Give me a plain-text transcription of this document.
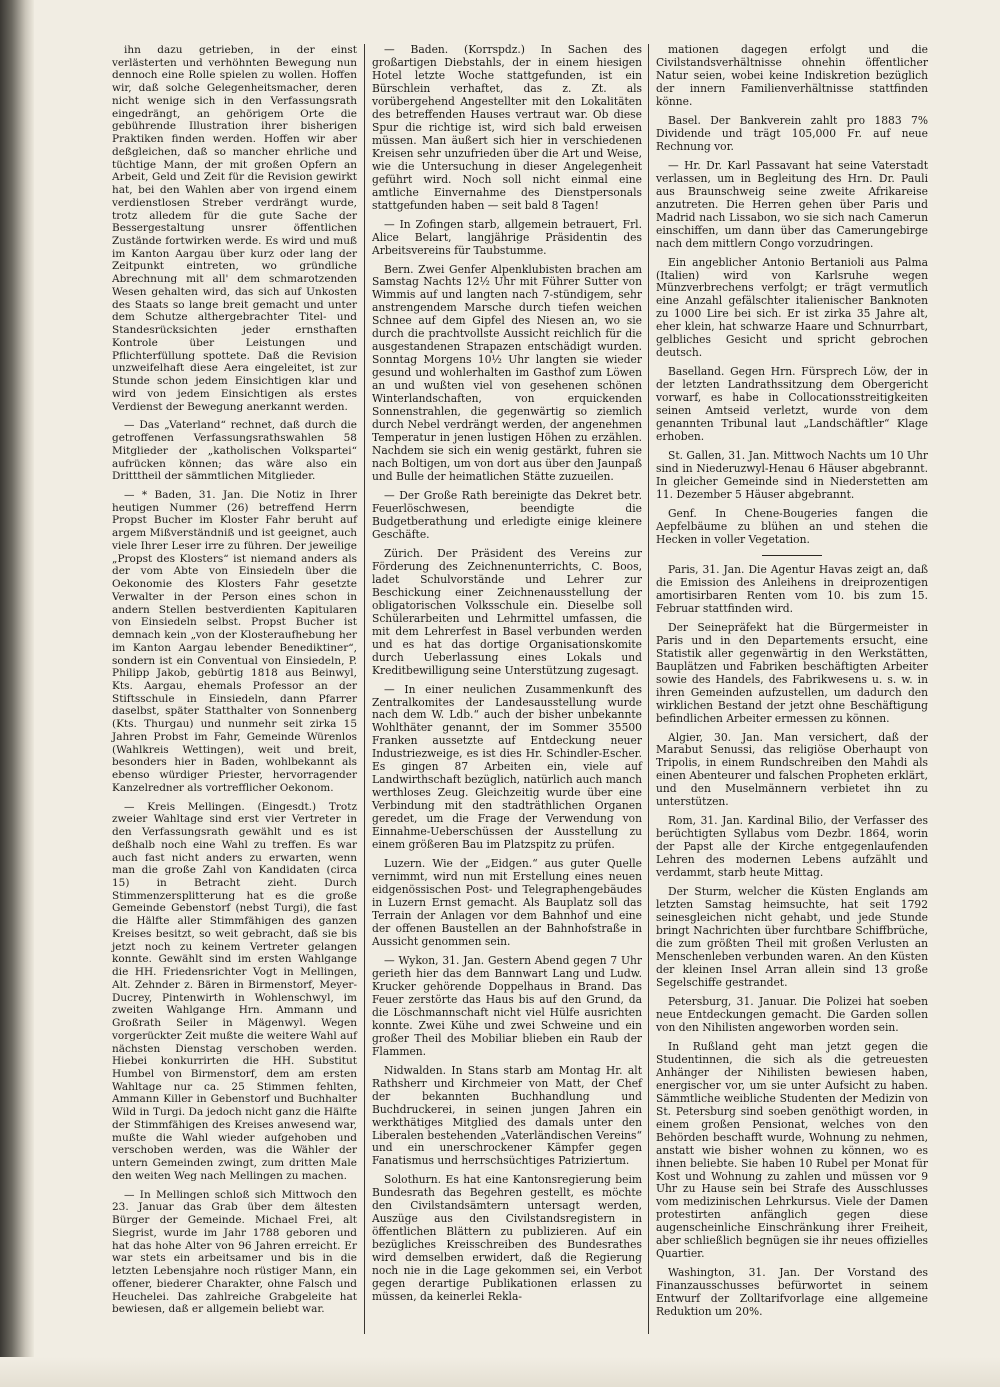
ihn dazu getrieben, in der einst verlästerten und verhöhnten Bewegung nun dennoch eine Rolle spielen zu wollen. Hoffen wir, daß solche Gelegenheitsmacher, deren nicht wenige sich in den Verfassungsrath eingedrängt, an gehörigem Orte die gebührende Illustration ihrer bisherigen Praktiken finden werden. Hoffen wir aber deßgleichen, daß so mancher ehrliche und tüchtige Mann, der mit großen Opfern an Arbeit, Geld und Zeit für die Revision gewirkt hat, bei den Wahlen aber von irgend einem verdienstlosen Streber verdrängt wurde, trotz alledem für die gute Sache der Bessergestaltung unsrer öffentlichen Zustände fortwirken werde. Es wird und muß im Kanton Aargau über kurz oder lang der Zeitpunkt eintreten, wo gründliche Abrechnung mit all' dem schmarotzenden Wesen gehalten wird, das sich auf Unkosten des Staats so lange breit gemacht und unter dem Schutze althergebrachter Titel- und Standesrücksichten jeder ernsthaften Kontrole über Leistungen und Pflichterfüllung spottete. Daß die Revision unzweifelhaft diese Aera eingeleitet, ist zur Stunde schon jedem Einsichtigen klar und wird von jedem Einsichtigen als erstes Verdienst der Bewegung anerkannt werden.

— Das „Vaterland“ rechnet, daß durch die getroffenen Verfassungsrathswahlen 58 Mitglieder der „katholischen Volkspartei“ aufrücken können; das wäre also ein Dritttheil der sämmtlichen Mitglieder.

— * Baden, 31. Jan. Die Notiz in Ihrer heutigen Nummer (26) betreffend Herrn Propst Bucher im Kloster Fahr beruht auf argem Mißverständniß und ist geeignet, auch viele Ihrer Leser irre zu führen. Der jeweilige „Propst des Klosters“ ist niemand anders als der vom Abte von Einsiedeln über die Oekonomie des Klosters Fahr gesetzte Verwalter in der Person eines schon in andern Stellen bestverdienten Kapitularen von Einsiedeln selbst. Propst Bucher ist demnach kein „von der Klosteraufhebung her im Kanton Aargau lebender Benediktiner“, sondern ist ein Conventual von Einsiedeln, P. Philipp Jakob, gebürtig 1818 aus Beinwyl, Kts. Aargau, ehemals Professor an der Stiftsschule in Einsiedeln, dann Pfarrer daselbst, später Statthalter von Sonnenberg (Kts. Thurgau) und nunmehr seit zirka 15 Jahren Probst im Fahr, Gemeinde Würenlos (Wahlkreis Wettingen), weit und breit, besonders hier in Baden, wohlbekannt als ebenso würdiger Priester, hervorragender Kanzelredner als vortrefflicher Oekonom.

— Kreis Mellingen. (Eingesdt.) Trotz zweier Wahltage sind erst vier Vertreter in den Verfassungsrath gewählt und es ist deßhalb noch eine Wahl zu treffen. Es war auch fast nicht anders zu erwarten, wenn man die große Zahl von Kandidaten (circa 15) in Betracht zieht. Durch Stimmenzersplitterung hat es die große Gemeinde Gebenstorf (nebst Turgi), die fast die Hälfte aller Stimmfähigen des ganzen Kreises besitzt, so weit gebracht, daß sie bis jetzt noch zu keinem Vertreter gelangen konnte. Gewählt sind im ersten Wahlgange die HH. Friedensrichter Vogt in Mellingen, Alt. Zehnder z. Bären in Birmenstorf, Meyer-Ducrey, Pintenwirth in Wohlenschwyl, im zweiten Wahlgange Hrn. Ammann und Großrath Seiler in Mägenwyl. Wegen vorgerückter Zeit mußte die weitere Wahl auf nächsten Dienstag verschoben werden. Hiebei konkurrirten die HH. Substitut Humbel von Birmenstorf, dem am ersten Wahltage nur ca. 25 Stimmen fehlten, Ammann Killer in Gebenstorf und Buchhalter Wild in Turgi. Da jedoch nicht ganz die Hälfte der Stimmfähigen des Kreises anwesend war, mußte die Wahl wieder aufgehoben und verschoben werden, was die Wähler der untern Gemeinden zwingt, zum dritten Male den weiten Weg nach Mellingen zu machen.

— In Mellingen schloß sich Mittwoch den 23. Januar das Grab über dem ältesten Bürger der Gemeinde. Michael Frei, alt Siegrist, wurde im Jahr 1788 geboren und hat das hohe Alter von 96 Jahren erreicht. Er war stets ein arbeitsamer und bis in die letzten Lebensjahre noch rüstiger Mann, ein offener, biederer Charakter, ohne Falsch und Heuchelei. Das zahlreiche Grabgeleite hat bewiesen, daß er allgemein beliebt war.

— Baden. (Korrspdz.) In Sachen des großartigen Diebstahls, der in einem hiesigen Hotel letzte Woche stattgefunden, ist ein Bürschlein verhaftet, das z. Zt. als vorübergehend Angestellter mit den Lokalitäten des betreffenden Hauses vertraut war. Ob diese Spur die richtige ist, wird sich bald erweisen müssen. Man äußert sich hier in verschiedenen Kreisen sehr unzufrieden über die Art und Weise, wie die Untersuchung in dieser Angelegenheit geführt wird. Noch soll nicht einmal eine amtliche Einvernahme des Dienstpersonals stattgefunden haben — seit bald 8 Tagen!

— In Zofingen starb, allgemein betrauert, Frl. Alice Belart, langjährige Präsidentin des Arbeitsvereins für Taubstumme.

Bern. Zwei Genfer Alpenklubisten brachen am Samstag Nachts 12½ Uhr mit Führer Sutter von Wimmis auf und langten nach 7-stündigem, sehr anstrengendem Marsche durch tiefen weichen Schnee auf dem Gipfel des Niesen an, wo sie durch die prachtvollste Aussicht reichlich für die ausgestandenen Strapazen entschädigt wurden. Sonntag Morgens 10½ Uhr langten sie wieder gesund und wohlerhalten im Gasthof zum Löwen an und wußten viel von gesehenen schönen Winterlandschaften, von erquickenden Sonnenstrahlen, die gegenwärtig so ziemlich durch Nebel verdrängt werden, der angenehmen Temperatur in jenen lustigen Höhen zu erzählen. Nachdem sie sich ein wenig gestärkt, fuhren sie nach Boltigen, um von dort aus über den Jaunpaß und Bulle der heimatlichen Stätte zuzueilen.

— Der Große Rath bereinigte das Dekret betr. Feuerlöschwesen, beendigte die Budgetberathung und erledigte einige kleinere Geschäfte.

Zürich. Der Präsident des Vereins zur Förderung des Zeichnenunterrichts, C. Boos, ladet Schulvorstände und Lehrer zur Beschickung einer Zeichnenausstellung der obligatorischen Volksschule ein. Dieselbe soll Schülerarbeiten und Lehrmittel umfassen, die mit dem Lehrerfest in Basel verbunden werden und es hat das dortige Organisationskomite durch Ueberlassung eines Lokals und Kreditbewilligung seine Unterstützung zugesagt.

— In einer neulichen Zusammenkunft des Zentralkomites der Landesausstellung wurde nach dem W. Ldb.“ auch der bisher unbekannte Wohlthäter genannt, der im Sommer 35500 Franken aussetzte auf Entdeckung neuer Industriezweige, es ist dies Hr. Schindler-Escher. Es gingen 87 Arbeiten ein, viele auf Landwirthschaft bezüglich, natürlich auch manch werthloses Zeug. Gleichzeitig wurde über eine Verbindung mit den stadträthlichen Organen geredet, um die Frage der Verwendung von Einnahme-Ueberschüssen der Ausstellung zu einem größeren Bau im Platzspitz zu prüfen.

Luzern. Wie der „Eidgen.“ aus guter Quelle vernimmt, wird nun mit Erstellung eines neuen eidgenössischen Post- und Telegraphengebäudes in Luzern Ernst gemacht. Als Bauplatz soll das Terrain der Anlagen vor dem Bahnhof und eine der offenen Baustellen an der Bahnhofstraße in Aussicht genommen sein.

— Wykon, 31. Jan. Gestern Abend gegen 7 Uhr gerieth hier das dem Bannwart Lang und Ludw. Krucker gehörende Doppelhaus in Brand. Das Feuer zerstörte das Haus bis auf den Grund, da die Löschmannschaft nicht viel Hülfe ausrichten konnte. Zwei Kühe und zwei Schweine und ein großer Theil des Mobiliar blieben ein Raub der Flammen.

Nidwalden. In Stans starb am Montag Hr. alt Rathsherr und Kirchmeier von Matt, der Chef der bekannten Buchhandlung und Buchdruckerei, in seinen jungen Jahren ein werkthätiges Mitglied des damals unter den Liberalen bestehenden „Vaterländischen Vereins“ und ein unerschrockener Kämpfer gegen Fanatismus und herrschsüchtiges Patriziertum.

Solothurn. Es hat eine Kantonsregierung beim Bundesrath das Begehren gestellt, es möchte den Civilstandsämtern untersagt werden, Auszüge aus den Civilstandsregistern in öffentlichen Blättern zu publizieren. Auf ein bezügliches Kreisschreiben des Bundesrathes wird demselben erwidert, daß die Regierung noch nie in die Lage gekommen sei, ein Verbot gegen derartige Publikationen erlassen zu müssen, da keinerlei Rekla-

mationen dagegen erfolgt und die Civilstandsverhältnisse ohnehin öffentlicher Natur seien, wobei keine Indiskretion bezüglich der innern Familienverhältnisse stattfinden könne.

Basel. Der Bankverein zahlt pro 1883 7% Dividende und trägt 105,000 Fr. auf neue Rechnung vor.

— Hr. Dr. Karl Passavant hat seine Vaterstadt verlassen, um in Begleitung des Hrn. Dr. Pauli aus Braunschweig seine zweite Afrikareise anzutreten. Die Herren gehen über Paris und Madrid nach Lissabon, wo sie sich nach Camerun einschiffen, um dann über das Camerungebirge nach dem mittlern Congo vorzudringen.

Ein angeblicher Antonio Bertanioli aus Palma (Italien) wird von Karlsruhe wegen Münzverbrechens verfolgt; er trägt vermutlich eine Anzahl gefälschter italienischer Banknoten zu 1000 Lire bei sich. Er ist zirka 35 Jahre alt, eher klein, hat schwarze Haare und Schnurrbart, gelbliches Gesicht und spricht gebrochen deutsch.

Baselland. Gegen Hrn. Fürsprech Löw, der in der letzten Landrathssitzung dem Obergericht vorwarf, es habe in Collocationsstreitigkeiten seinen Amtseid verletzt, wurde von dem genannten Tribunal laut „Landschäftler“ Klage erhoben.

St. Gallen, 31. Jan. Mittwoch Nachts um 10 Uhr sind in Niederuzwyl-Henau 6 Häuser abgebrannt. In gleicher Gemeinde sind in Niederstetten am 11. Dezember 5 Häuser abgebrannt.

Genf. In Chene-Bougeries fangen die Aepfelbäume zu blühen an und stehen die Hecken in voller Vegetation.

Paris, 31. Jan. Die Agentur Havas zeigt an, daß die Emission des Anleihens in dreiprozentigen amortisirbaren Renten vom 10. bis zum 15. Februar stattfinden wird.

Der Seinepräfekt hat die Bürgermeister in Paris und in den Departements ersucht, eine Statistik aller gegenwärtig in den Werkstätten, Bauplätzen und Fabriken beschäftigten Arbeiter sowie des Handels, des Fabrikwesens u. s. w. in ihren Gemeinden aufzustellen, um dadurch den wirklichen Bestand der jetzt ohne Beschäftigung befindlichen Arbeiter ermessen zu können.

Algier, 30. Jan. Man versichert, daß der Marabut Senussi, das religiöse Oberhaupt von Tripolis, in einem Rundschreiben den Mahdi als einen Abenteurer und falschen Propheten erklärt, und den Muselmännern verbietet ihn zu unterstützen.

Rom, 31. Jan. Kardinal Bilio, der Verfasser des berüchtigten Syllabus vom Dezbr. 1864, worin der Papst alle der Kirche entgegenlaufenden Lehren des modernen Lebens aufzählt und verdammt, starb heute Mittag.

Der Sturm, welcher die Küsten Englands am letzten Samstag heimsuchte, hat seit 1792 seinesgleichen nicht gehabt, und jede Stunde bringt Nachrichten über furchtbare Schiffbrüche, die zum größten Theil mit großen Verlusten an Menschenleben verbunden waren. An den Küsten der kleinen Insel Arran allein sind 13 große Segelschiffe gestrandet.

Petersburg, 31. Januar. Die Polizei hat soeben neue Entdeckungen gemacht. Die Garden sollen von den Nihilisten angeworben worden sein.

In Rußland geht man jetzt gegen die Studentinnen, die sich als die getreuesten Anhänger der Nihilisten bewiesen haben, energischer vor, um sie unter Aufsicht zu haben. Sämmtliche weibliche Studenten der Medizin von St. Petersburg sind soeben genöthigt worden, in einem großen Pensionat, welches von den Behörden beschafft wurde, Wohnung zu nehmen, anstatt wie bisher wohnen zu können, wo es ihnen beliebte. Sie haben 10 Rubel per Monat für Kost und Wohnung zu zahlen und müssen vor 9 Uhr zu Hause sein bei Strafe des Ausschlusses vom medizinischen Lehrkursus. Viele der Damen protestirten anfänglich gegen diese augenscheinliche Einschränkung ihrer Freiheit, aber schließlich begnügen sie ihr neues offizielles Quartier.

Washington, 31. Jan. Der Vorstand des Finanzausschusses befürwortet in seinem Entwurf der Zolltarifvorlage eine allgemeine Reduktion um 20%.
